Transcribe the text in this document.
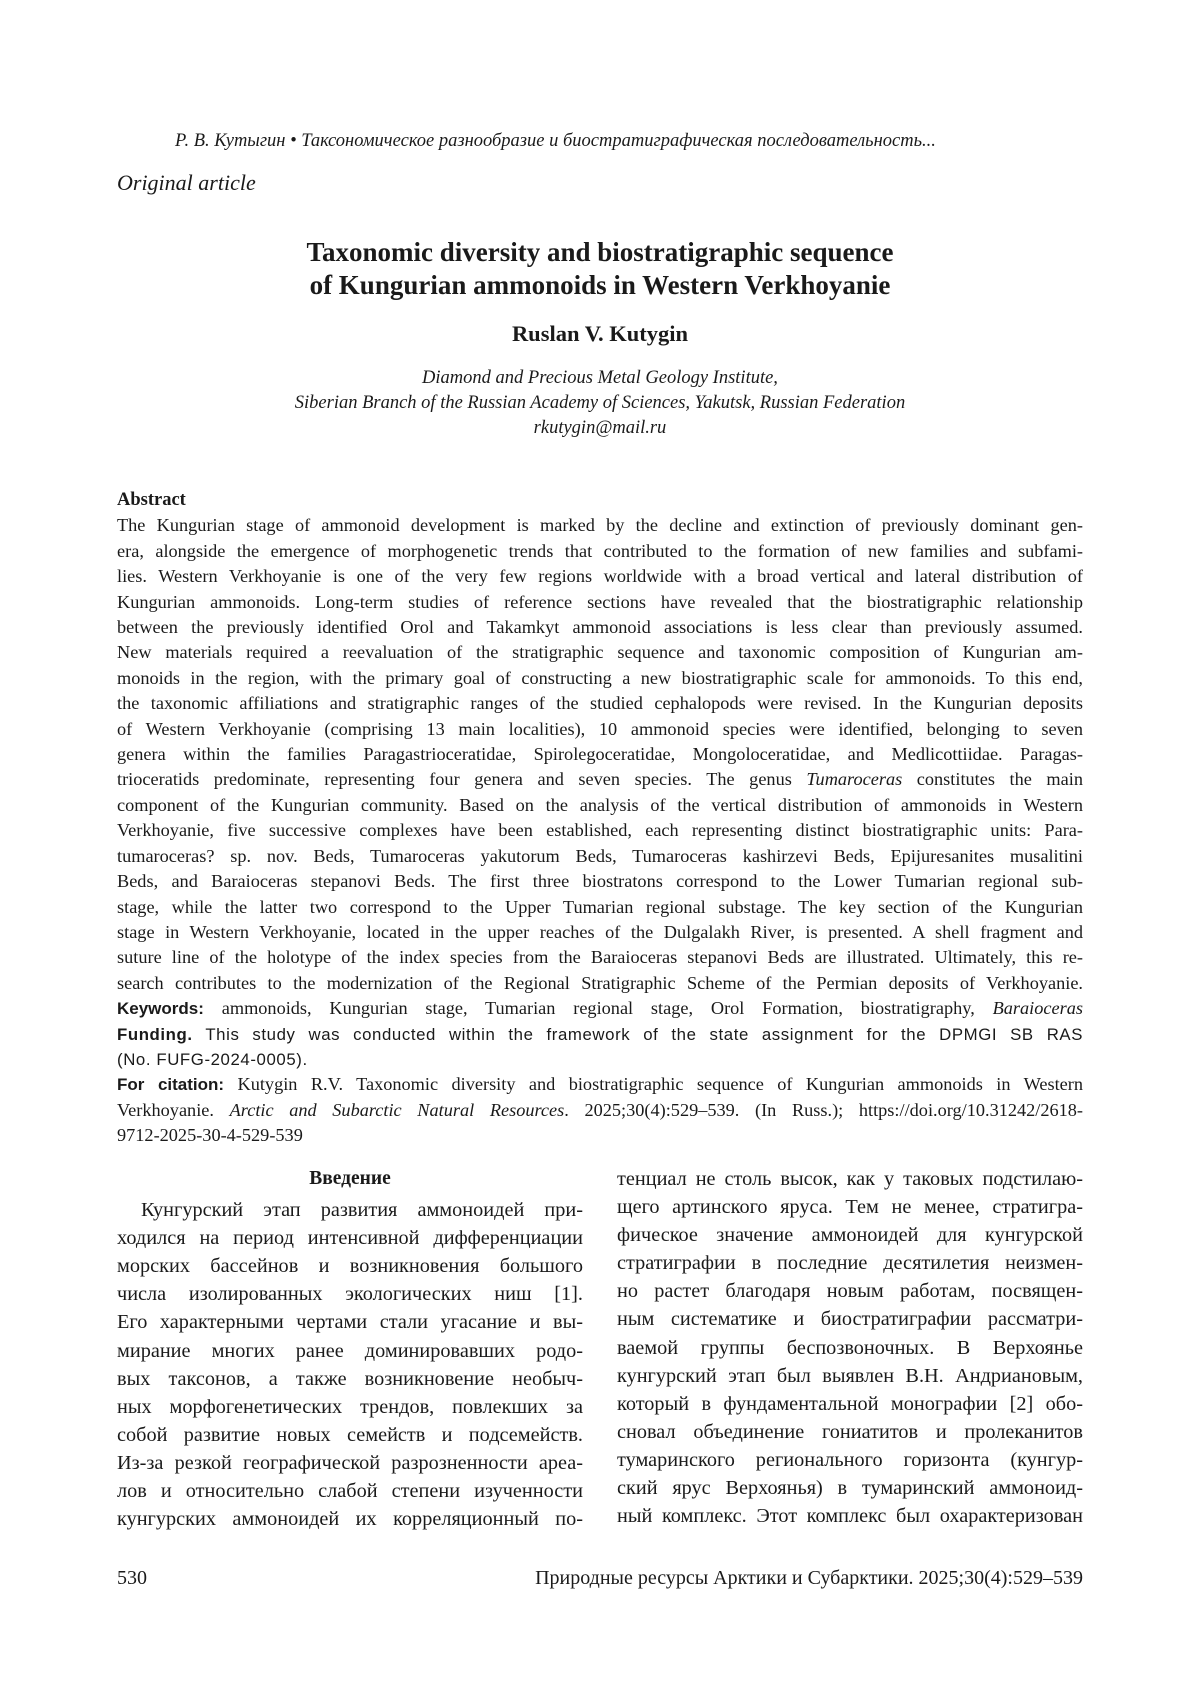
Р. В. Кутыгин • Таксономическое разнообразие и биостратиграфическая последовательность...
Original article
Taxonomic diversity and biostratigraphic sequence
of Kungurian ammonoids in Western Verkhoyanie
Ruslan V. Kutygin
Diamond and Precious Metal Geology Institute,
Siberian Branch of the Russian Academy of Sciences, Yakutsk, Russian Federation
rkutygin@mail.ru
Abstract
The Kungurian stage of ammonoid development is marked by the decline and extinction of previously dominant gen-
era, alongside the emergence of morphogenetic trends that contributed to the formation of new families and subfami-
lies. Western Verkhoyanie is one of the very few regions worldwide with a broad vertical and lateral distribution of
Kungurian ammonoids. Long-term studies of reference sections have revealed that the biostratigraphic relationship
between the previously identified Orol and Takamkyt ammonoid associations is less clear than previously assumed.
New materials required a reevaluation of the stratigraphic sequence and taxonomic composition of Kungurian am-
monoids in the region, with the primary goal of constructing a new biostratigraphic scale for ammonoids. To this end,
the taxonomic affiliations and stratigraphic ranges of the studied cephalopods were revised. In the Kungurian deposits
of Western Verkhoyanie (comprising 13 main localities), 10 ammonoid species were identified, belonging to seven
genera within the families Paragastrioceratidae, Spirolegoceratidae, Mongoloceratidae, and Medlicottiidae. Paragas-
trioceratids predominate, representing four genera and seven species. The genus Tumaroceras constitutes the main
component of the Kungurian community. Based on the analysis of the vertical distribution of ammonoids in Western
Verkhoyanie, five successive complexes have been established, each representing distinct biostratigraphic units: Para-
tumaroceras? sp. nov. Beds, Tumaroceras yakutorum Beds, Tumaroceras kashirzevi Beds, Epijuresanites musalitini
Beds, and Baraioceras stepanovi Beds. The first three biostratons correspond to the Lower Tumarian regional sub-
stage, while the latter two correspond to the Upper Tumarian regional substage. The key section of the Kungurian
stage in Western Verkhoyanie, located in the upper reaches of the Dulgalakh River, is presented. A shell fragment and
suture line of the holotype of the index species from the Baraioceras stepanovi Beds are illustrated. Ultimately, this re-
search contributes to the modernization of the Regional Stratigraphic Scheme of the Permian deposits of Verkhoyanie.
Keywords: ammonoids, Kungurian stage, Tumarian regional stage, Orol Formation, biostratigraphy, Baraioceras
Funding. This study was conducted within the framework of the state assignment for the DPMGI SB RAS
(No. FUFG-2024-0005).
For citation: Kutygin R.V. Taxonomic diversity and biostratigraphic sequence of Kungurian ammonoids in Western
Verkhoyanie. Arctic and Subarctic Natural Resources. 2025;30(4):529–539. (In Russ.); https://doi.org/10.31242/2618-
9712-2025-30-4-529-539
Введение
Кунгурский этап развития аммоноидей при-
ходился на период интенсивной дифференциации
морских бассейнов и возникновения большого
числа изолированных экологических ниш [1].
Его характерными чертами стали угасание и вы-
мирание многих ранее доминировавших родо-
вых таксонов, а также возникновение необыч-
ных морфогенетических трендов, повлекших за
собой развитие новых семейств и подсемейств.
Из-за резкой географической разрозненности ареа-
лов и относительно слабой степени изученности
кунгурских аммоноидей их корреляционный по-
тенциал не столь высок, как у таковых подстилаю-
щего артинского яруса. Тем не менее, стратигра-
фическое значение аммоноидей для кунгурской
стратиграфии в последние десятилетия неизмен-
но растет благодаря новым работам, посвящен-
ным систематике и биостратиграфии рассматри-
ваемой группы беспозвоночных. В Верхоянье
кунгурский этап был выявлен В.Н. Андриановым,
который в фундаментальной монографии [2] обо-
сновал объединение гониатитов и пролеканитов
тумаринского регионального горизонта (кунгур-
ский ярус Верхоянья) в тумаринский аммоноид-
ный комплекс. Этот комплекс был охарактеризован
530	Природные ресурсы Арктики и Субарктики. 2025;30(4):529–539
